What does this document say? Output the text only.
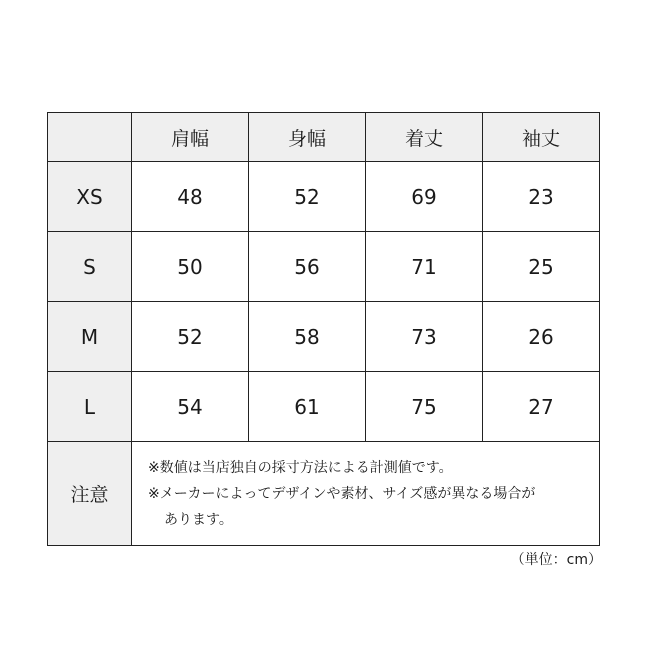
	肩幅	身幅	着丈	袖丈
XS	48	52	69	23
S	50	56	71	25
M	52	58	73	26
L	54	61	75	27
注意	※数値は当店独自の採寸方法による計測値です。
※メーカーによってデザインや素材、サイズ感が異なる場合が
あります。			
（単位：cm）
